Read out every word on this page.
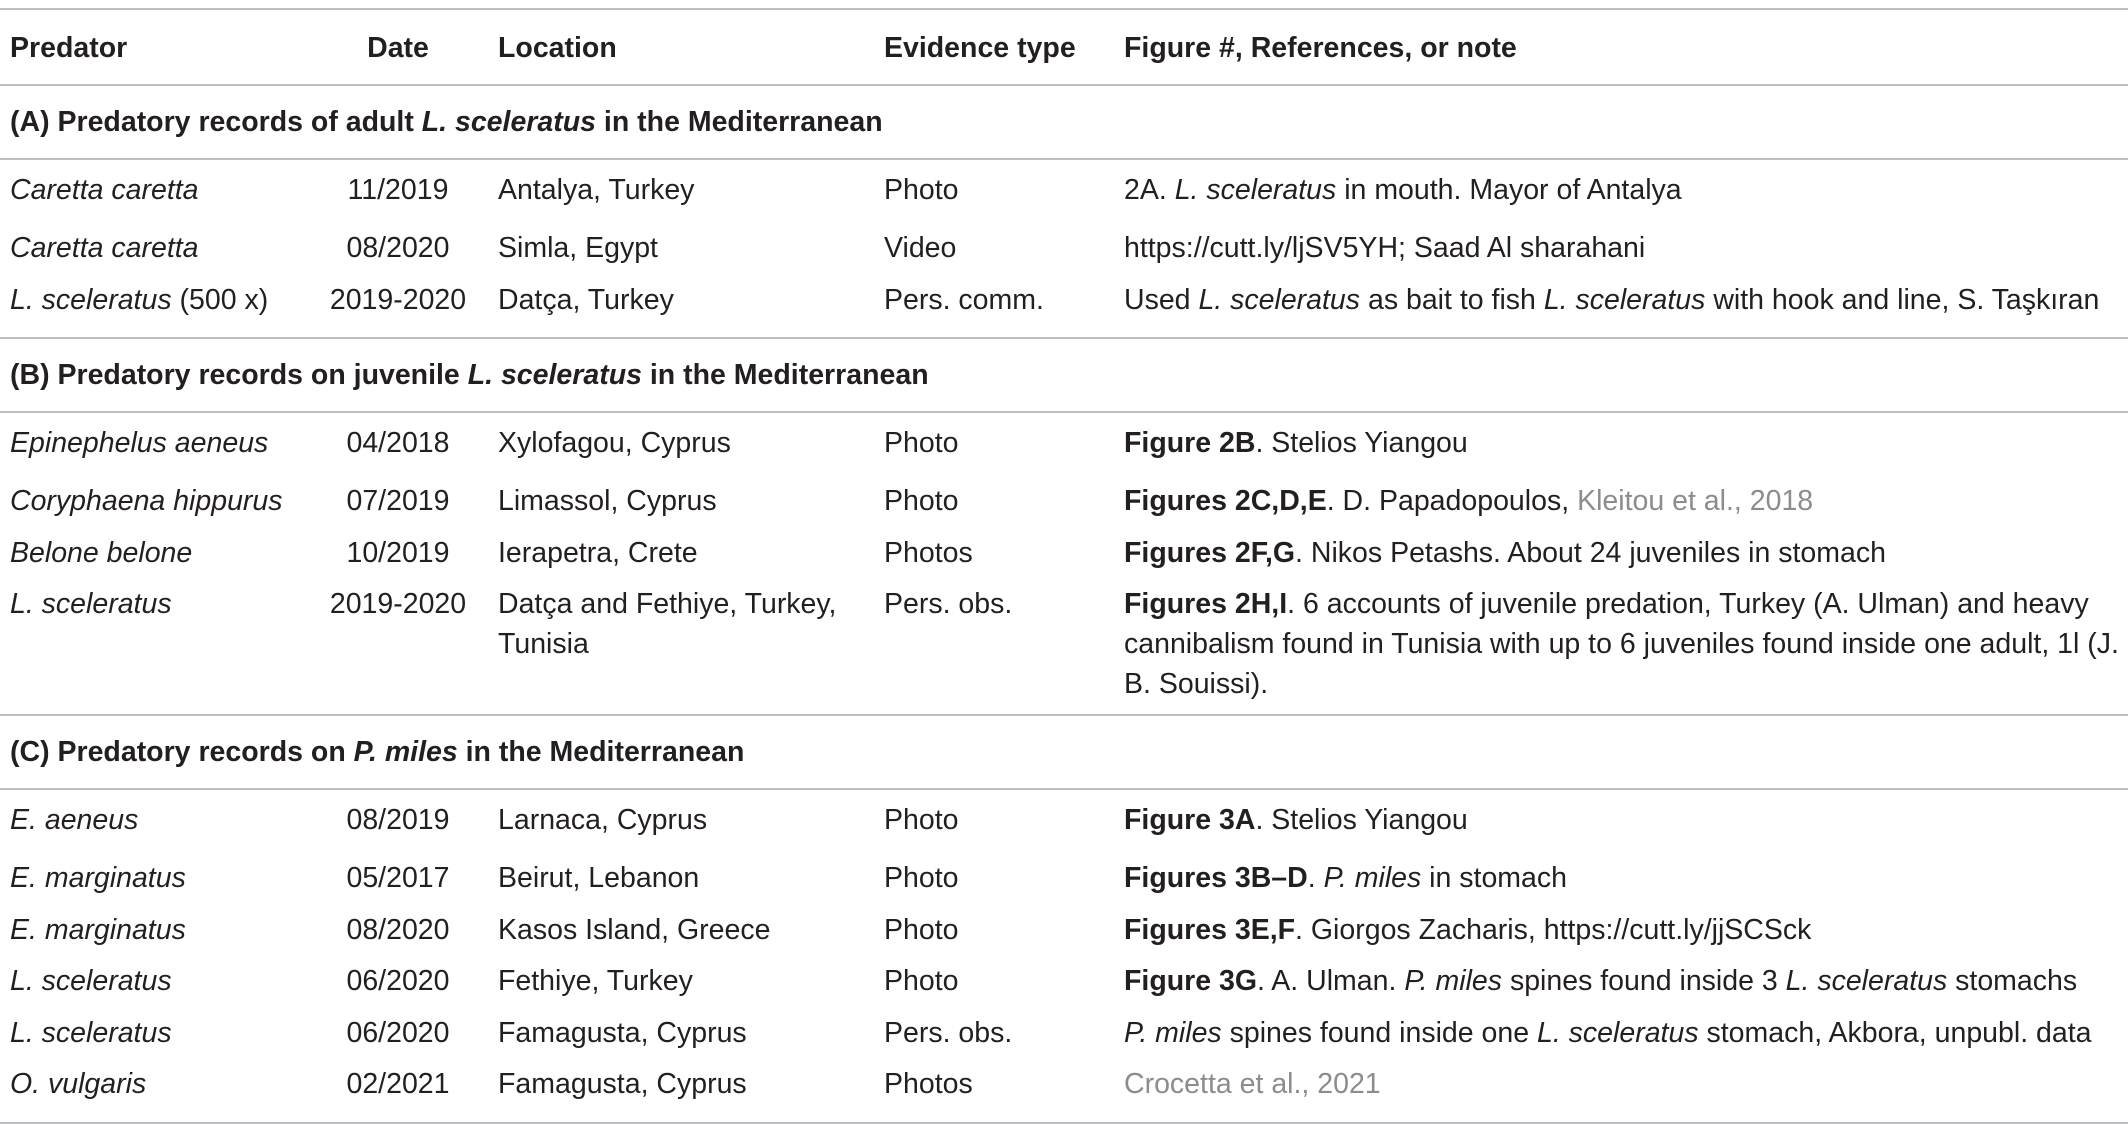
Predator	Date	Location	Evidence type	Figure #, References, or note
(A) Predatory records of adult L. sceleratus in the Mediterranean				
Caretta caretta	11/2019	Antalya, Turkey	Photo	2A. L. sceleratus in mouth. Mayor of Antalya
Caretta caretta	08/2020	Simla, Egypt	Video	https://cutt.ly/ljSV5YH; Saad Al sharahani
L. sceleratus (500 x)	2019-2020	Datça, Turkey	Pers. comm.	Used L. sceleratus as bait to fish L. sceleratus with hook and line, S. Taşkıran
(B) Predatory records on juvenile L. sceleratus in the Mediterranean				
Epinephelus aeneus	04/2018	Xylofagou, Cyprus	Photo	Figure 2B. Stelios Yiangou
Coryphaena hippurus	07/2019	Limassol, Cyprus	Photo	Figures 2C,D,E. D. Papadopoulos, Kleitou et al., 2018
Belone belone	10/2019	Ierapetra, Crete	Photos	Figures 2F,G. Nikos Petashs. About 24 juveniles in stomach
L. sceleratus	2019-2020	Datça and Fethiye, Turkey, Tunisia	Pers. obs.	Figures 2H,I. 6 accounts of juvenile predation, Turkey (A. Ulman) and heavy cannibalism found in Tunisia with up to 6 juveniles found inside one adult, 1l (J. B. Souissi).
(C) Predatory records on P. miles in the Mediterranean				
E. aeneus	08/2019	Larnaca, Cyprus	Photo	Figure 3A. Stelios Yiangou
E. marginatus	05/2017	Beirut, Lebanon	Photo	Figures 3B–D. P. miles in stomach
E. marginatus	08/2020	Kasos Island, Greece	Photo	Figures 3E,F. Giorgos Zacharis, https://cutt.ly/jjSCSck
L. sceleratus	06/2020	Fethiye, Turkey	Photo	Figure 3G. A. Ulman. P. miles spines found inside 3 L. sceleratus stomachs
L. sceleratus	06/2020	Famagusta, Cyprus	Pers. obs.	P. miles spines found inside one L. sceleratus stomach, Akbora, unpubl. data
O. vulgaris	02/2021	Famagusta, Cyprus	Photos	Crocetta et al., 2021
